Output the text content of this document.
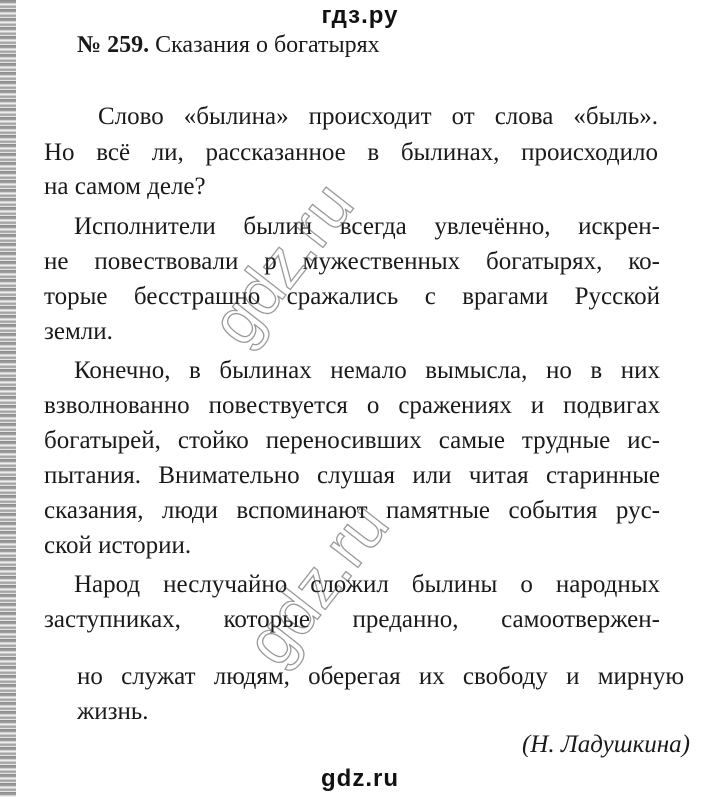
гдз.ру
№ 259. Сказания о богатырях
Слово «былина» происходит от слова «быль».
Но всё ли, рассказанное в былинах, происходило
на самом деле?
Исполнители былин всегда увлечённо, искрен-
не повествовали р мужественных богатырях, ко-
торые бесстрашно сражались с врагами Русской
земли.
Конечно, в былинах немало вымысла, но в них
взволнованно повествуется о сражениях и подвигах
богатырей, стойко переносивших самые трудные ис-
пытания. Внимательно слушая или читая старинные
сказания, люди вспоминают памятные события рус-
ской истории.
Народ неслучайно сложил былины о народных
заступниках, которые преданно, самоотвержен-
но служат людям, оберегая их свободу и мирную
жизнь.
(Н. Ладушкина)
gdz.ru
gdz.ru
gdz.ru
